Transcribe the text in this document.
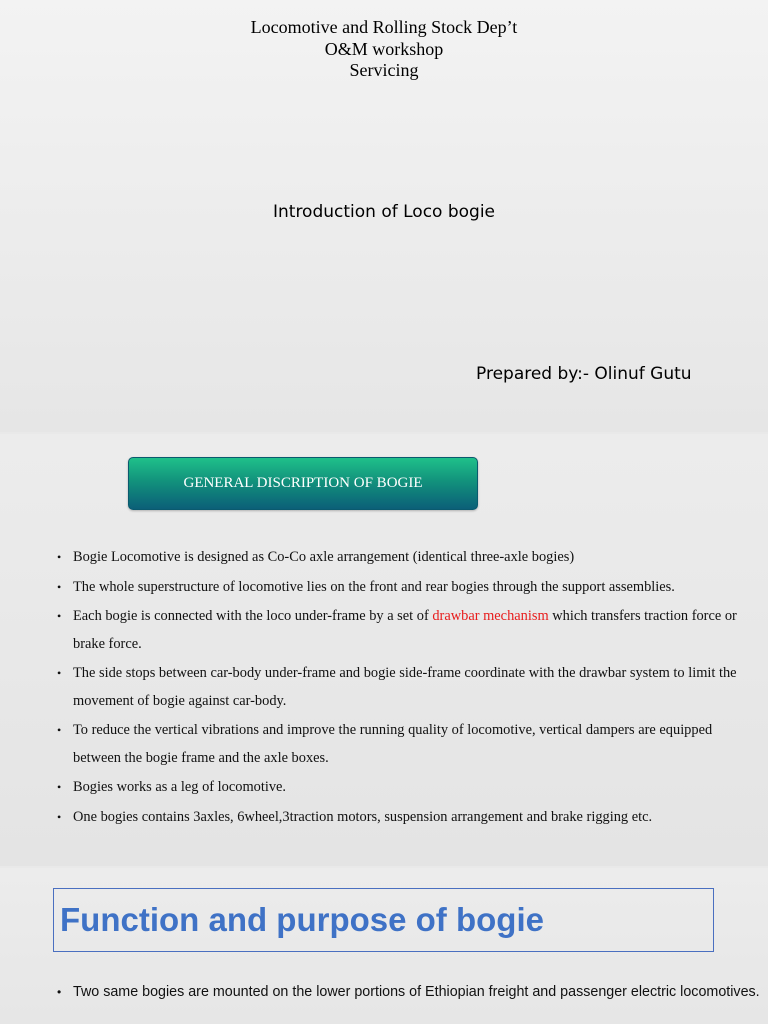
Locomotive and Rolling Stock Dep’t
O&M workshop
Servicing
Introduction of Loco bogie
Prepared by:- Olinuf Gutu
GENERAL DISCRIPTION OF BOGIE
• Bogie Locomotive is designed as Co-Co axle arrangement (identical three-axle bogies)
• The whole superstructure of locomotive lies on the front and rear bogies through the support assemblies.
• Each bogie is connected with the loco under-frame by a set of drawbar mechanism which transfers traction force or brake force.
• The side stops between car-body under-frame and bogie side-frame coordinate with the drawbar system to limit the movement of bogie against car-body.
• To reduce the vertical vibrations and improve the running quality of locomotive, vertical dampers are equipped between the bogie frame and the axle boxes.
• Bogies works as a leg of locomotive.
• One bogies contains 3axles, 6wheel,3traction motors, suspension arrangement and brake rigging etc.
Function and purpose of bogie
• Two same bogies are mounted on the lower portions of Ethiopian freight and passenger electric locomotives.
